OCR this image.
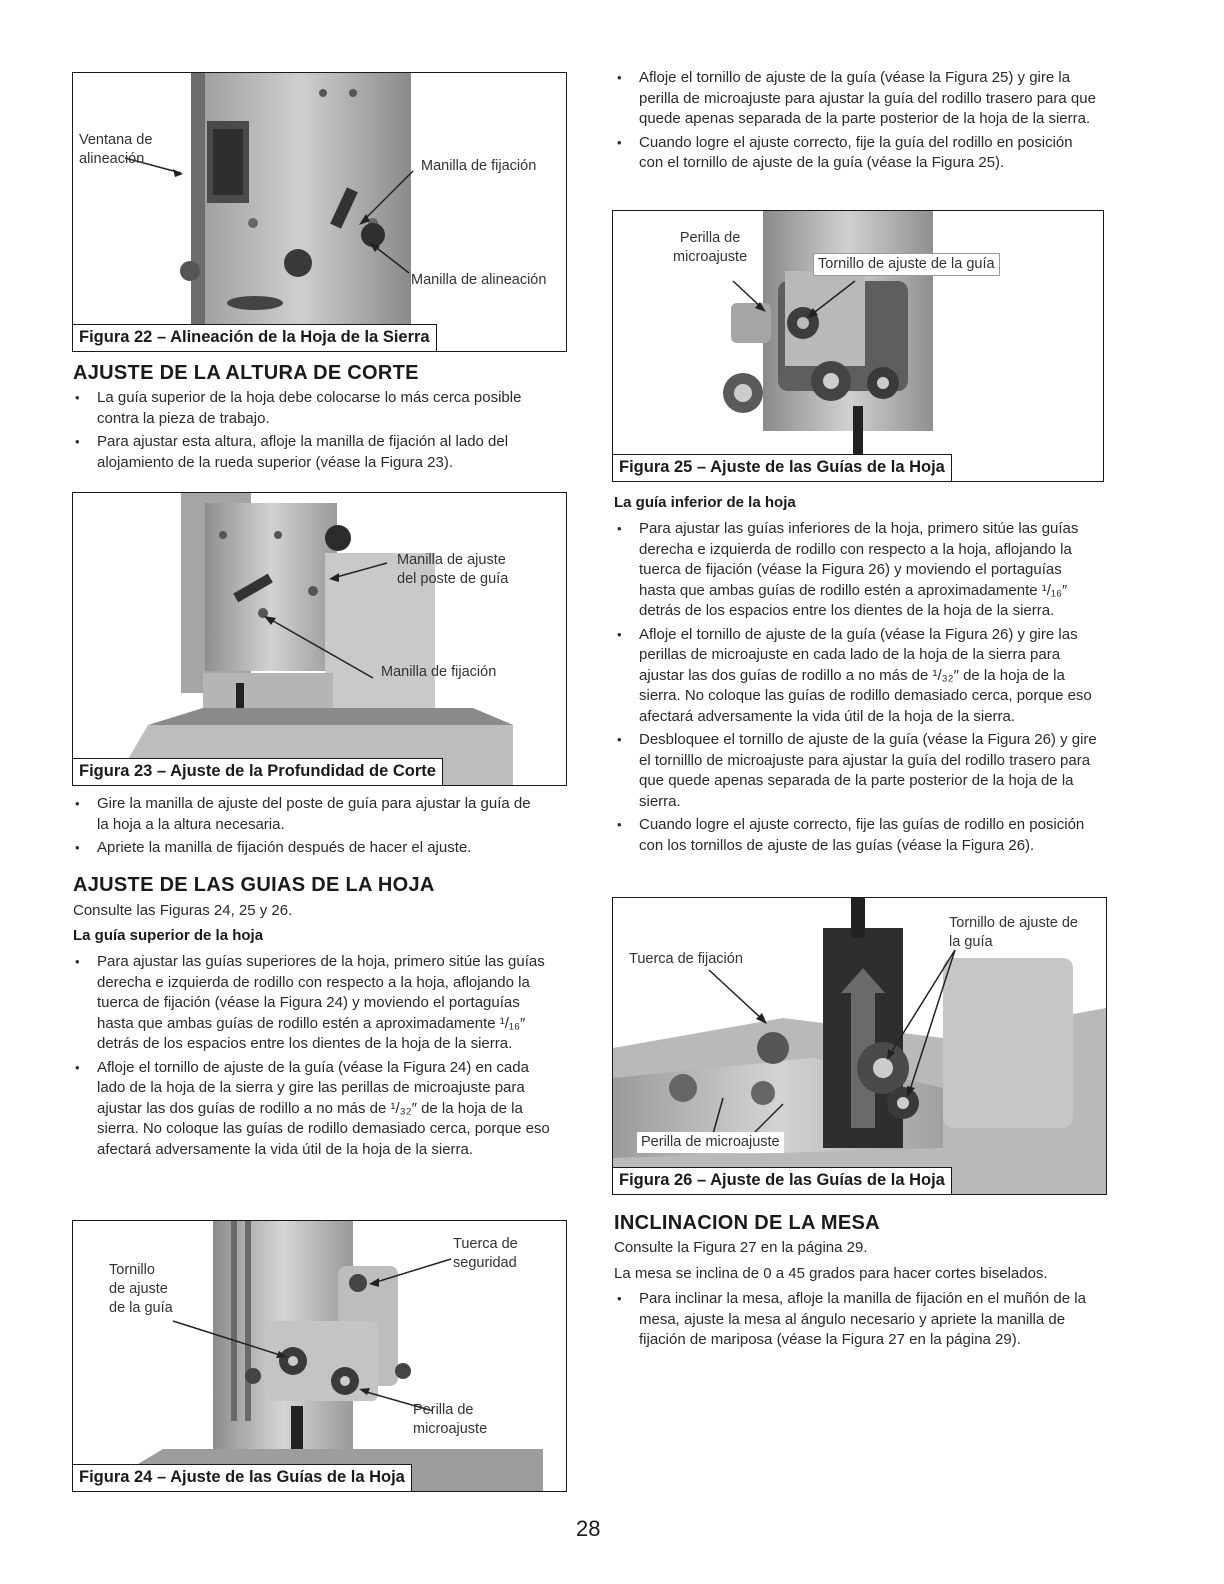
Ventana de
alineación	Manilla de fijación
Manilla de alineación
Figura 22 – Alineación de la Hoja de la Sierra
AJUSTE DE LA ALTURA DE CORTE
• La guía superior de la hoja debe colocarse lo más cerca posible contra la pieza de trabajo.
• Para ajustar esta altura, afloje la manilla de fijación al lado del alojamiento de la rueda superior (véase la Figura 23).
Manilla de ajuste
del poste de guía
Manilla de fijación
Figura 23 – Ajuste de la Profundidad de Corte
• Gire la manilla de ajuste del poste de guía para ajustar la guía de la hoja a la altura necesaria.
• Apriete la manilla de fijación después de hacer el ajuste.
AJUSTE DE LAS GUIAS DE LA HOJA
Consulte las Figuras 24, 25 y 26.
La guía superior de la hoja
• Para ajustar las guías superiores de la hoja, primero sitúe las guías derecha e izquierda de rodillo con respecto a la hoja, aflojando la tuerca de fijación (véase la Figura 24) y moviendo el portaguías hasta que ambas guías de rodillo estén a aproximadamente ¹/₁₆″ detrás de los espacios entre los dientes de la hoja de la sierra.
• Afloje el tornillo de ajuste de la guía (véase la Figura 24) en cada lado de la hoja de la sierra y gire las perillas de microajuste para ajustar las dos guías de rodillo a no más de ¹/₃₂″ de la hoja de la sierra. No coloque las guías de rodillo demasiado cerca, porque eso afectará adversamente la vida útil de la hoja de la sierra.
Tornillo
de ajuste
de la guía
Tuerca de
seguridad
Perilla de
microajuste
Figura 24 – Ajuste de las Guías de la Hoja
• Afloje el tornillo de ajuste de la guía (véase la Figura 25) y gire la perilla de microajuste para ajustar la guía del rodillo trasero para que quede apenas separada de la parte posterior de la hoja de la sierra.
• Cuando logre el ajuste correcto, fije la guía del rodillo en posición con el tornillo de ajuste de la guía (véase la Figura 25).
Perilla de
microajuste	Tornillo de ajuste de la guía
Figura 25 – Ajuste de las Guías de la Hoja
La guía inferior de la hoja
• Para ajustar las guías inferiores de la hoja, primero sitúe las guías derecha e izquierda de rodillo con respecto a la hoja, aflojando la tuerca de fijación (véase la Figura 26) y moviendo el portaguías hasta que ambas guías de rodillo estén a aproximadamente ¹/₁₆″ detrás de los espacios entre los dientes de la hoja de la sierra.
• Afloje el tornillo de ajuste de la guía (véase la Figura 26) y gire las perillas de microajuste en cada lado de la hoja de la sierra para ajustar las dos guías de rodillo a no más de ¹/₃₂″ de la hoja de la sierra. No coloque las guías de rodillo demasiado cerca, porque eso afectará adversamente la vida útil de la hoja de la sierra.
• Desbloquee el tornillo de ajuste de la guía (véase la Figura 26) y gire el tornilllo de microajuste para ajustar la guía del rodillo trasero para que quede apenas separada de la parte posterior de la hoja de la sierra.
• Cuando logre el ajuste correcto, fije las guías de rodillo en posición con los tornillos de ajuste de las guías (véase la Figura 26).
Tornillo de ajuste de
la guía
Tuerca de fijación
Perilla de microajuste
Figura 26 – Ajuste de las Guías de la Hoja
INCLINACION DE LA MESA
Consulte la Figura 27 en la página 29.
La mesa se inclina de 0 a 45 grados para hacer cortes biselados.
• Para inclinar la mesa, afloje la manilla de fijación en el muñón de la mesa, ajuste la mesa al ángulo necesario y apriete la manilla de fijación de mariposa (véase la Figura 27 en la página 29).
28
